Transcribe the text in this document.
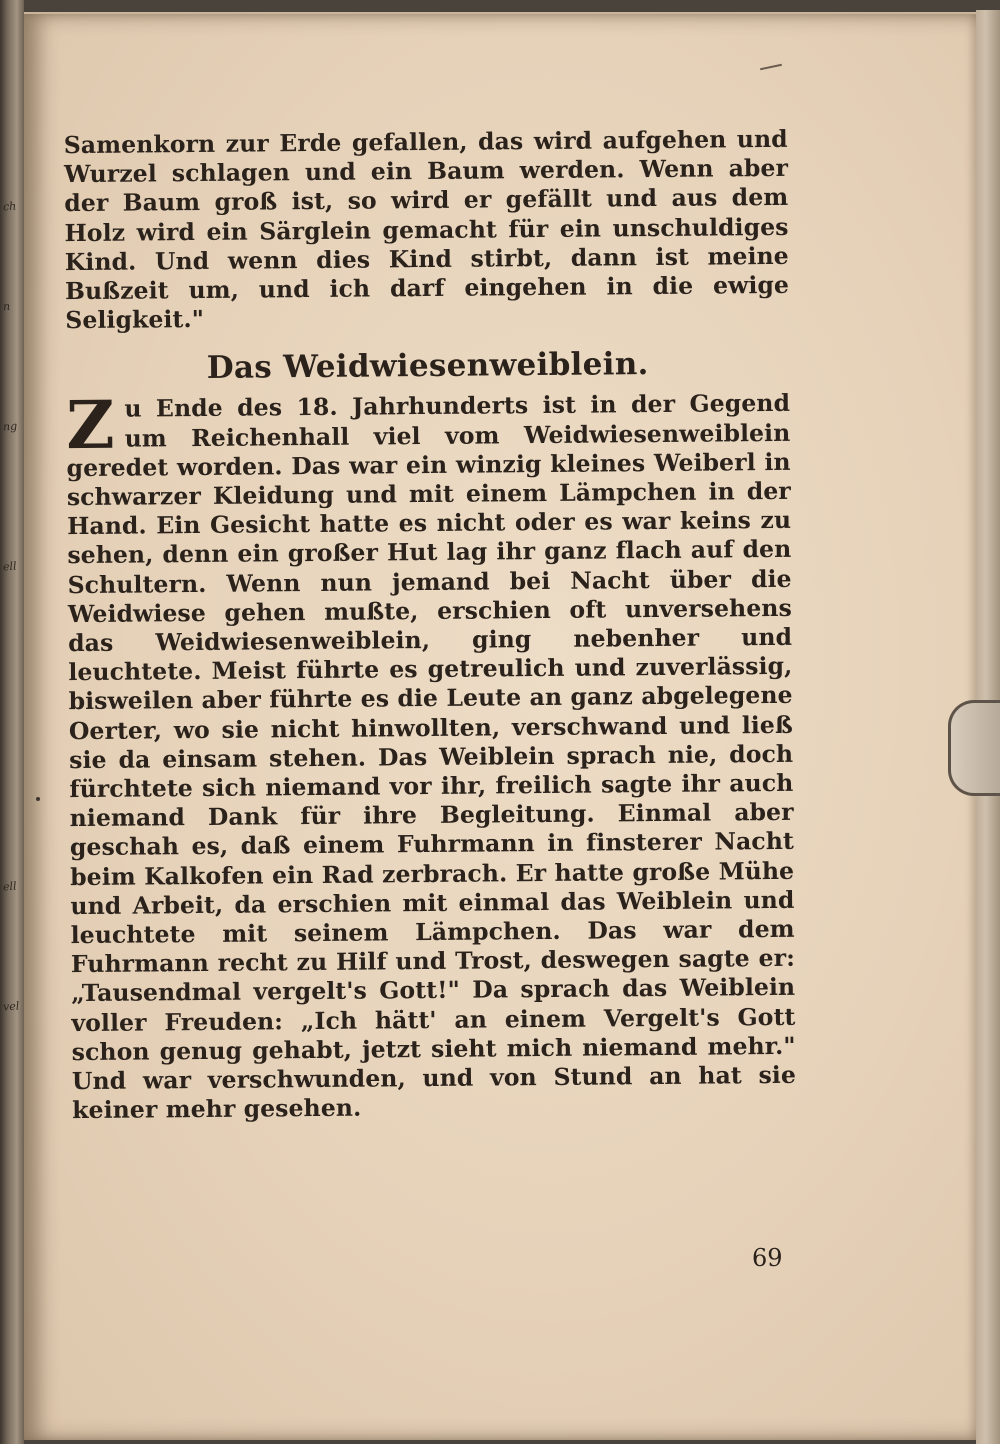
ch
n
ng
ell
ell
vel

Samenkorn zur Erde gefallen, das wird aufgehen und Wurzel schlagen und ein Baum werden. Wenn aber der Baum groß ist, so wird er gefällt und aus dem Holz wird ein Särglein gemacht für ein unschuldiges Kind. Und wenn dies Kind stirbt, dann ist meine Bußzeit um, und ich darf eingehen in die ewige Seligkeit."

Das Weidwiesenweiblein.

Zu Ende des 18. Jahrhunderts ist in der Gegend um Reichenhall viel vom Weidwiesenweiblein geredet worden. Das war ein winzig kleines Weiberl in schwarzer Kleidung und mit einem Lämpchen in der Hand. Ein Gesicht hatte es nicht oder es war keins zu sehen, denn ein großer Hut lag ihr ganz flach auf den Schultern. Wenn nun jemand bei Nacht über die Weidwiese gehen mußte, erschien oft unversehens das Weidwiesenweiblein, ging nebenher und leuchtete. Meist führte es getreulich und zuverlässig, bisweilen aber führte es die Leute an ganz abgelegene Oerter, wo sie nicht hinwollten, verschwand und ließ sie da einsam stehen. Das Weiblein sprach nie, doch fürchtete sich niemand vor ihr, freilich sagte ihr auch niemand Dank für ihre Begleitung. Einmal aber geschah es, daß einem Fuhrmann in finsterer Nacht beim Kalkofen ein Rad zerbrach. Er hatte große Mühe und Arbeit, da erschien mit einmal das Weiblein und leuchtete mit seinem Lämpchen. Das war dem Fuhrmann recht zu Hilf und Trost, deswegen sagte er: „Tausendmal vergelt's Gott!" Da sprach das Weiblein voller Freuden: „Ich hätt' an einem Vergelt's Gott schon genug gehabt, jetzt sieht mich niemand mehr." Und war verschwunden, und von Stund an hat sie keiner mehr gesehen.

69
